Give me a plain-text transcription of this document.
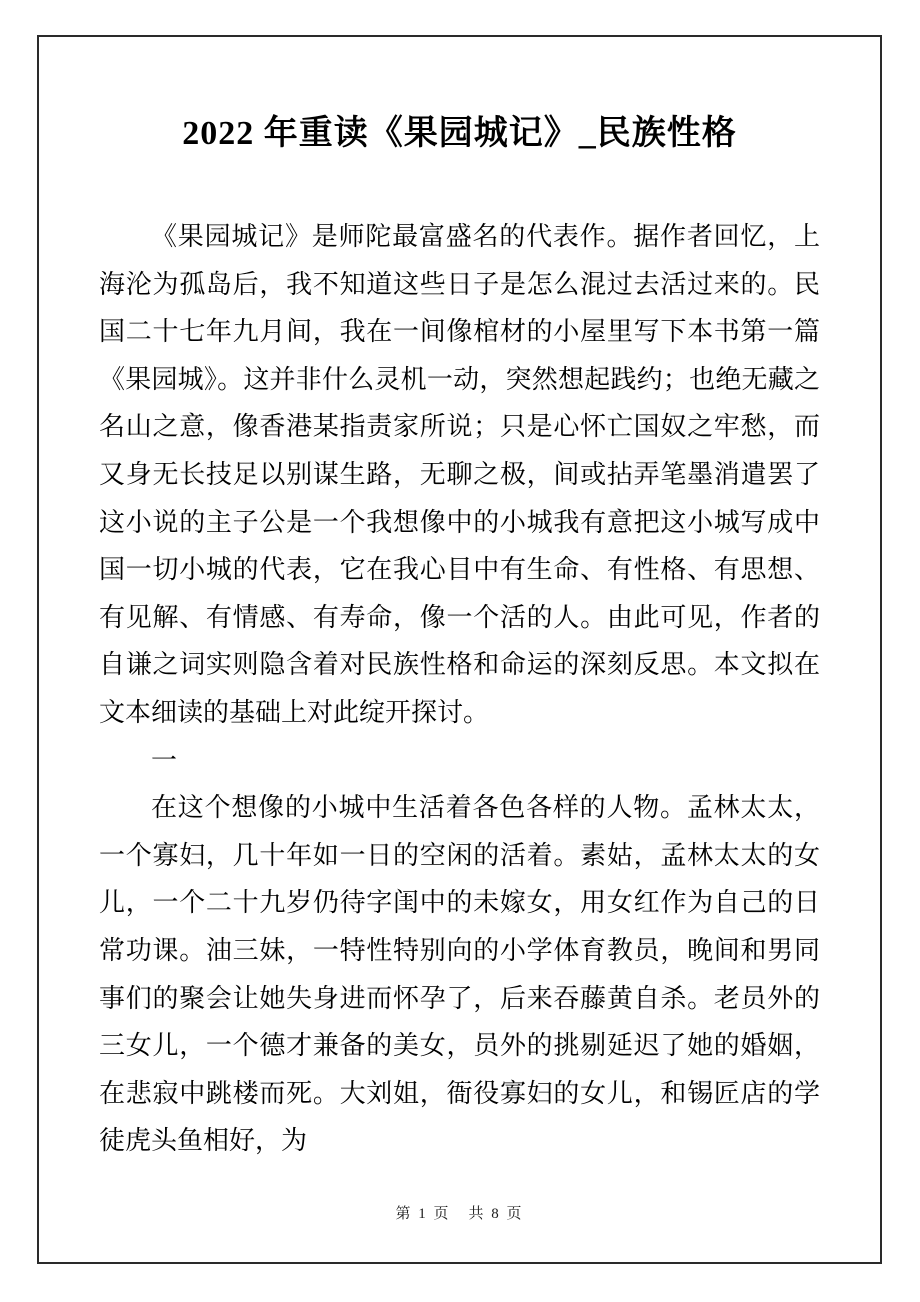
2022 年重读《果园城记》_民族性格

《果园城记》是师陀最富盛名的代表作。据作者回忆，上海沦为孤岛后，我不知道这些日子是怎么混过去活过来的。民国二十七年九月间，我在一间像棺材的小屋里写下本书第一篇《果园城》。这并非什么灵机一动，突然想起践约；也绝无藏之名山之意，像香港某指责家所说；只是心怀亡国奴之牢愁，而又身无长技足以别谋生路，无聊之极，间或拈弄笔墨消遣罢了这小说的主子公是一个我想像中的小城我有意把这小城写成中国一切小城的代表，它在我心目中有生命、有性格、有思想、有见解、有情感、有寿命，像一个活的人。由此可见，作者的自谦之词实则隐含着对民族性格和命运的深刻反思。本文拟在文本细读的基础上对此绽开探讨。

一

在这个想像的小城中生活着各色各样的人物。孟林太太，一个寡妇，几十年如一日的空闲的活着。素姑，孟林太太的女儿，一个二十九岁仍待字闺中的未嫁女，用女红作为自己的日常功课。油三妹，一特性特别向的小学体育教员，晚间和男同事们的聚会让她失身进而怀孕了，后来吞藤黄自杀。老员外的三女儿，一个德才兼备的美女，员外的挑剔延迟了她的婚姻，在悲寂中跳楼而死。大刘姐，衙役寡妇的女儿，和锡匠店的学徒虎头鱼相好，为

第 1 页 共 8 页
